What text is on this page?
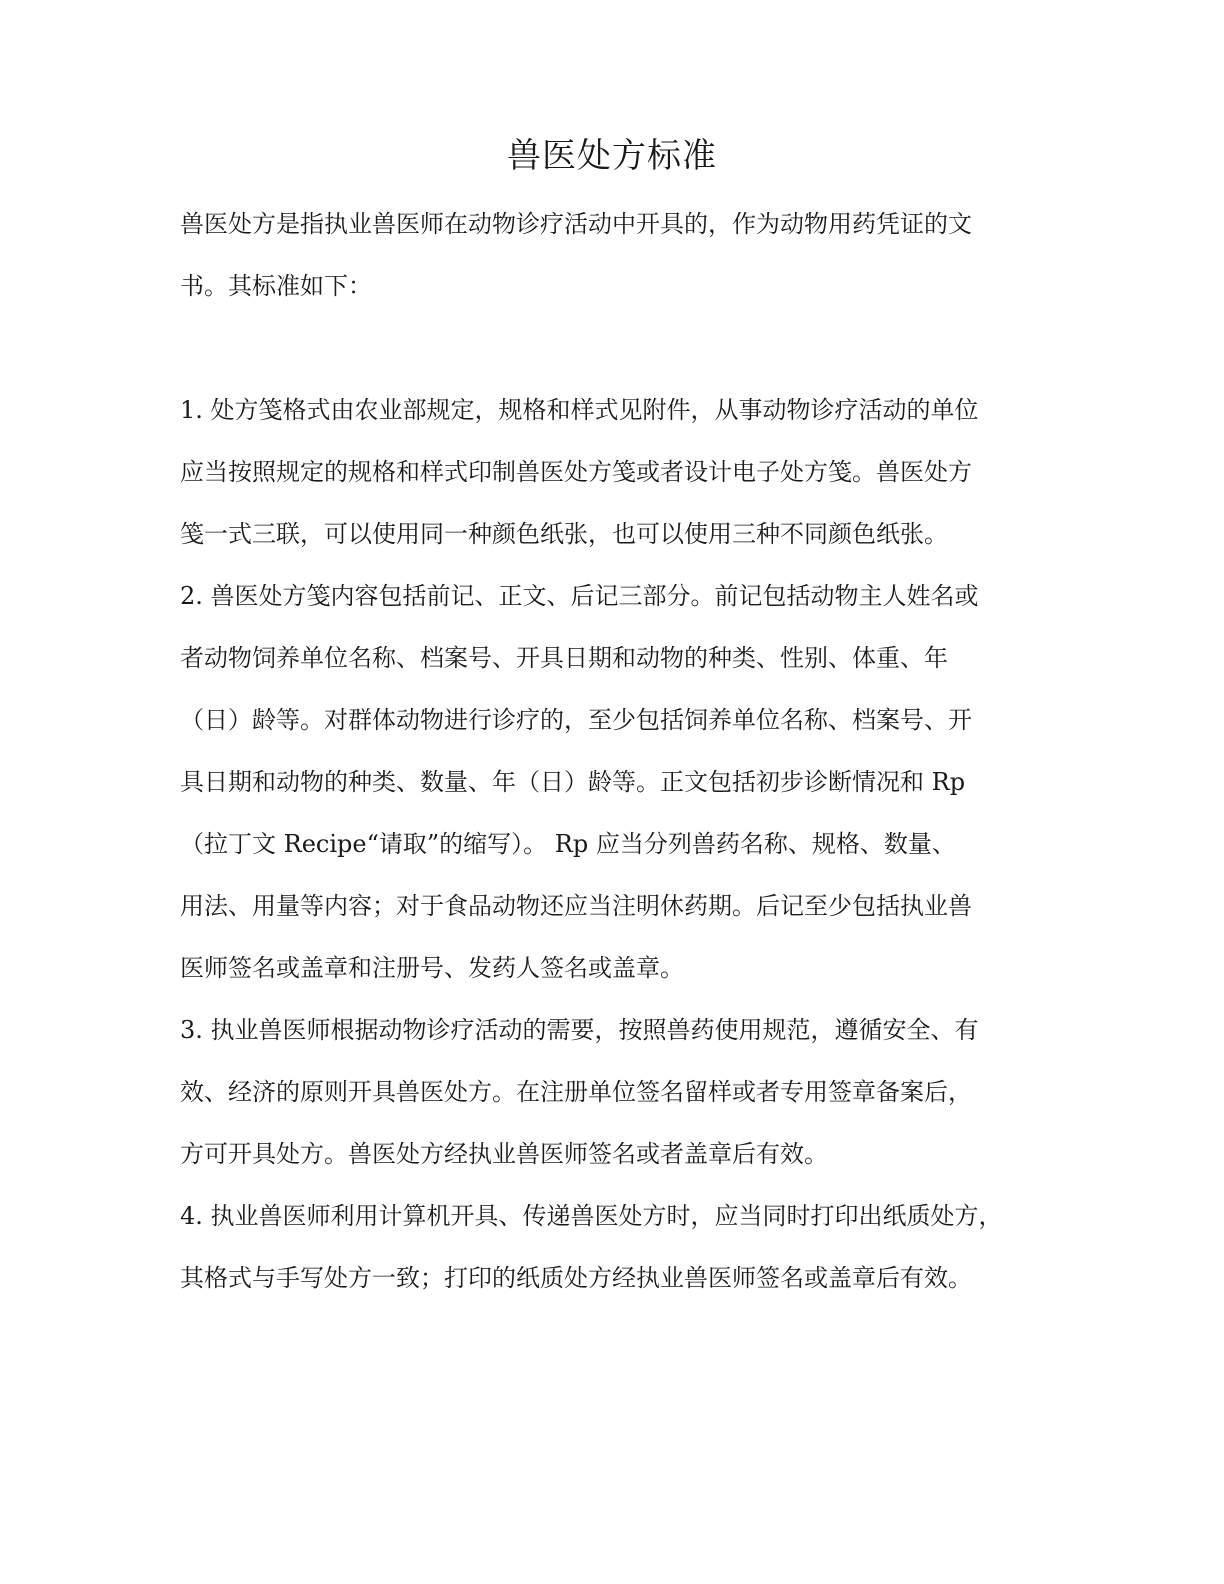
兽医处方标准
兽医处方是指执业兽医师在动物诊疗活动中开具的，作为动物用药凭证的文
书。其标准如下：
1. 处方笺格式由农业部规定，规格和样式见附件，从事动物诊疗活动的单位
应当按照规定的规格和样式印制兽医处方笺或者设计电子处方笺。兽医处方
笺一式三联，可以使用同一种颜色纸张，也可以使用三种不同颜色纸张。
2. 兽医处方笺内容包括前记、正文、后记三部分。前记包括动物主人姓名或
者动物饲养单位名称、档案号、开具日期和动物的种类、性别、体重、年
（日）龄等。对群体动物进行诊疗的，至少包括饲养单位名称、档案号、开
具日期和动物的种类、数量、年（日）龄等。正文包括初步诊断情况和 Rp
（拉丁文 Recipe“请取”的缩写）。 Rp 应当分列兽药名称、规格、数量、
用法、用量等内容；对于食品动物还应当注明休药期。后记至少包括执业兽
医师签名或盖章和注册号、发药人签名或盖章。
3. 执业兽医师根据动物诊疗活动的需要，按照兽药使用规范，遵循安全、有
效、经济的原则开具兽医处方。在注册单位签名留样或者专用签章备案后，
方可开具处方。兽医处方经执业兽医师签名或者盖章后有效。
4. 执业兽医师利用计算机开具、传递兽医处方时，应当同时打印出纸质处方，
其格式与手写处方一致；打印的纸质处方经执业兽医师签名或盖章后有效。
